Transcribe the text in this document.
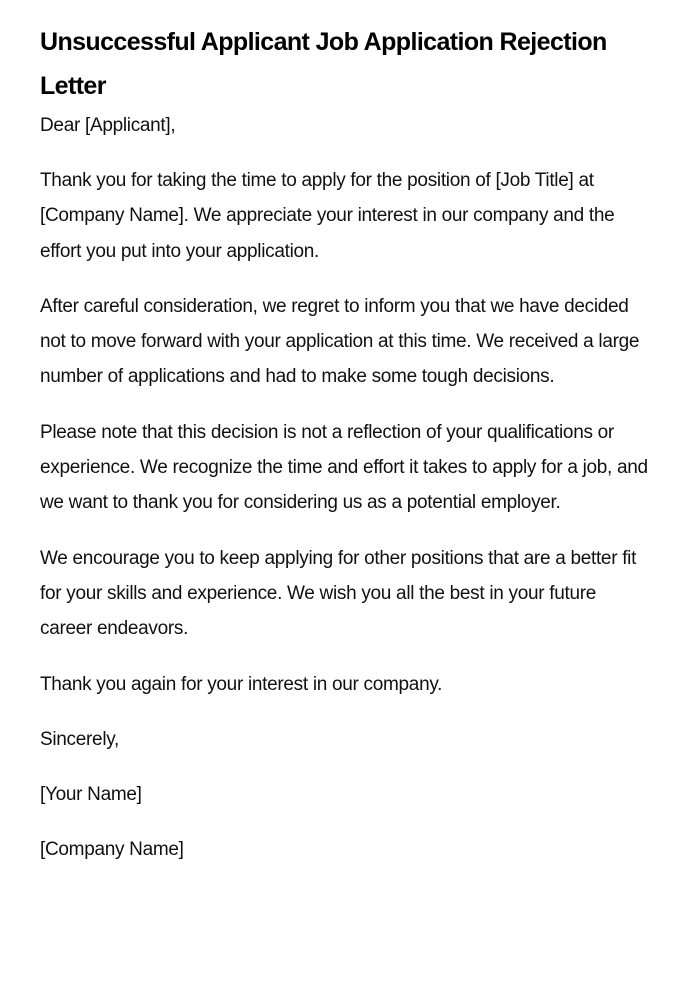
Unsuccessful Applicant Job Application Rejection Letter

Dear [Applicant],

Thank you for taking the time to apply for the position of [Job Title] at [Company Name]. We appreciate your interest in our company and the effort you put into your application.

After careful consideration, we regret to inform you that we have decided not to move forward with your application at this time. We received a large number of applications and had to make some tough decisions.

Please note that this decision is not a reflection of your qualifications or experience. We recognize the time and effort it takes to apply for a job, and we want to thank you for considering us as a potential employer.

We encourage you to keep applying for other positions that are a better fit for your skills and experience. We wish you all the best in your future career endeavors.

Thank you again for your interest in our company.

Sincerely,

[Your Name]

[Company Name]
